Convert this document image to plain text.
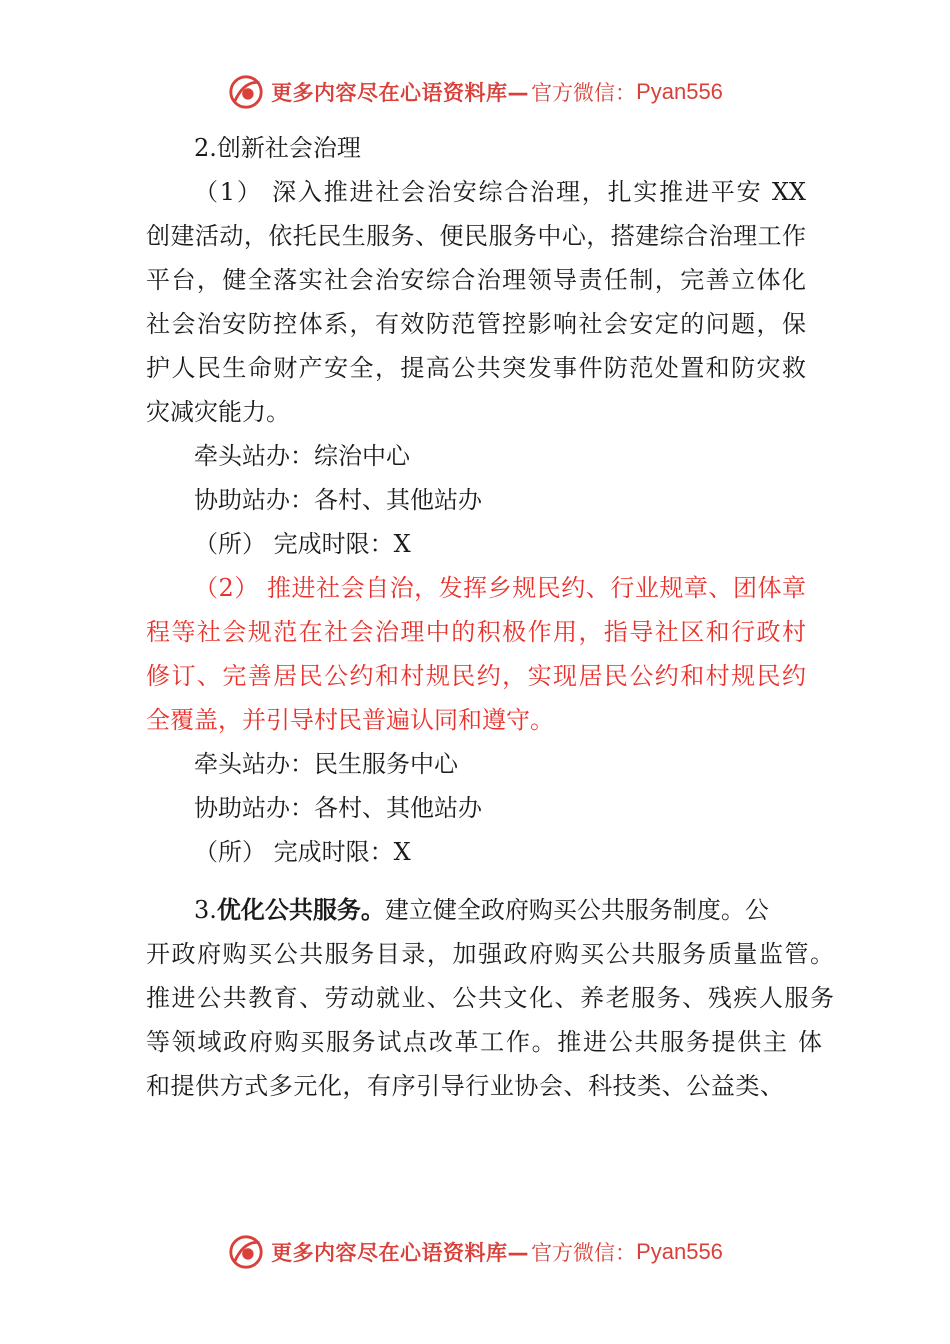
更多内容尽在心语资料库— 官方微信： Pyan556
2.创新社会治理
（1） 深入推进社会治安综合治理，扎实推进平安 XX
创建活动，依托民生服务、便民服务中心，搭建综合治理工作
平台，健全落实社会治安综合治理领导责任制，完善立体化
社会治安防控体系，有效防范管控影响社会安定的问题，保
护人民生命财产安全，提高公共突发事件防范处置和防灾救
灾减灾能力。
牵头站办：综治中心
协助站办：各村、其他站办
（所） 完成时限：X
（2） 推进社会自治，发挥乡规民约、行业规章、团体章
程等社会规范在社会治理中的积极作用，指导社区和行政村
修订、完善居民公约和村规民约，实现居民公约和村规民约
全覆盖，并引导村民普遍认同和遵守。
牵头站办：民生服务中心
协助站办：各村、其他站办
（所） 完成时限：X
3.优化公共服务。建立健全政府购买公共服务制度。公
开政府购买公共服务目录，加强政府购买公共服务质量监管。
推进公共教育、劳动就业、公共文化、养老服务、残疾人服务
等领域政府购买服务试点改革工作。推进公共服务提供主 体
和提供方式多元化，有序引导行业协会、科技类、公益类、
更多内容尽在心语资料库— 官方微信： Pyan556
